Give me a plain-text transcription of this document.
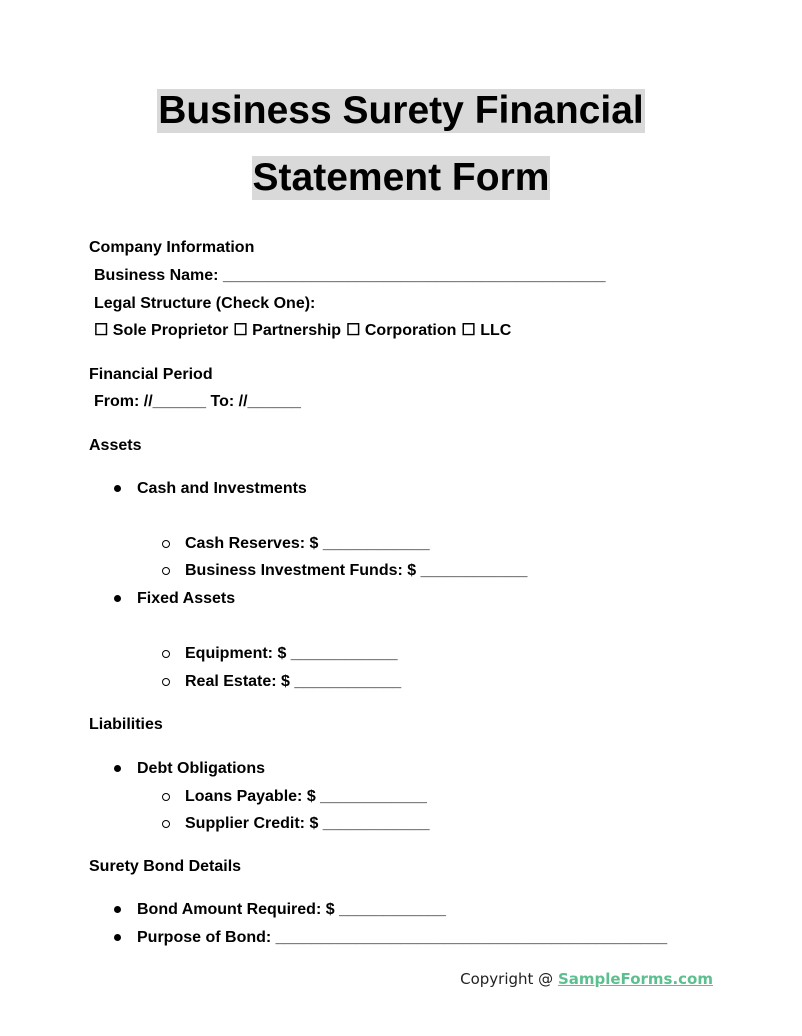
Business Surety Financial
Statement Form
Company Information
Business Name: ___________________________________________
Legal Structure (Check One):
☐ Sole Proprietor ☐ Partnership ☐ Corporation ☐ LLC
Financial Period
From: //______ To: //______
Assets
Cash and Investments
Cash Reserves: $ ____________
Business Investment Funds: $ ____________
Fixed Assets
Equipment: $ ____________
Real Estate: $ ____________
Liabilities
Debt Obligations
Loans Payable: $ ____________
Supplier Credit: $ ____________
Surety Bond Details
Bond Amount Required: $ ____________
Purpose of Bond: ____________________________________________
Copyright @ SampleForms.com
